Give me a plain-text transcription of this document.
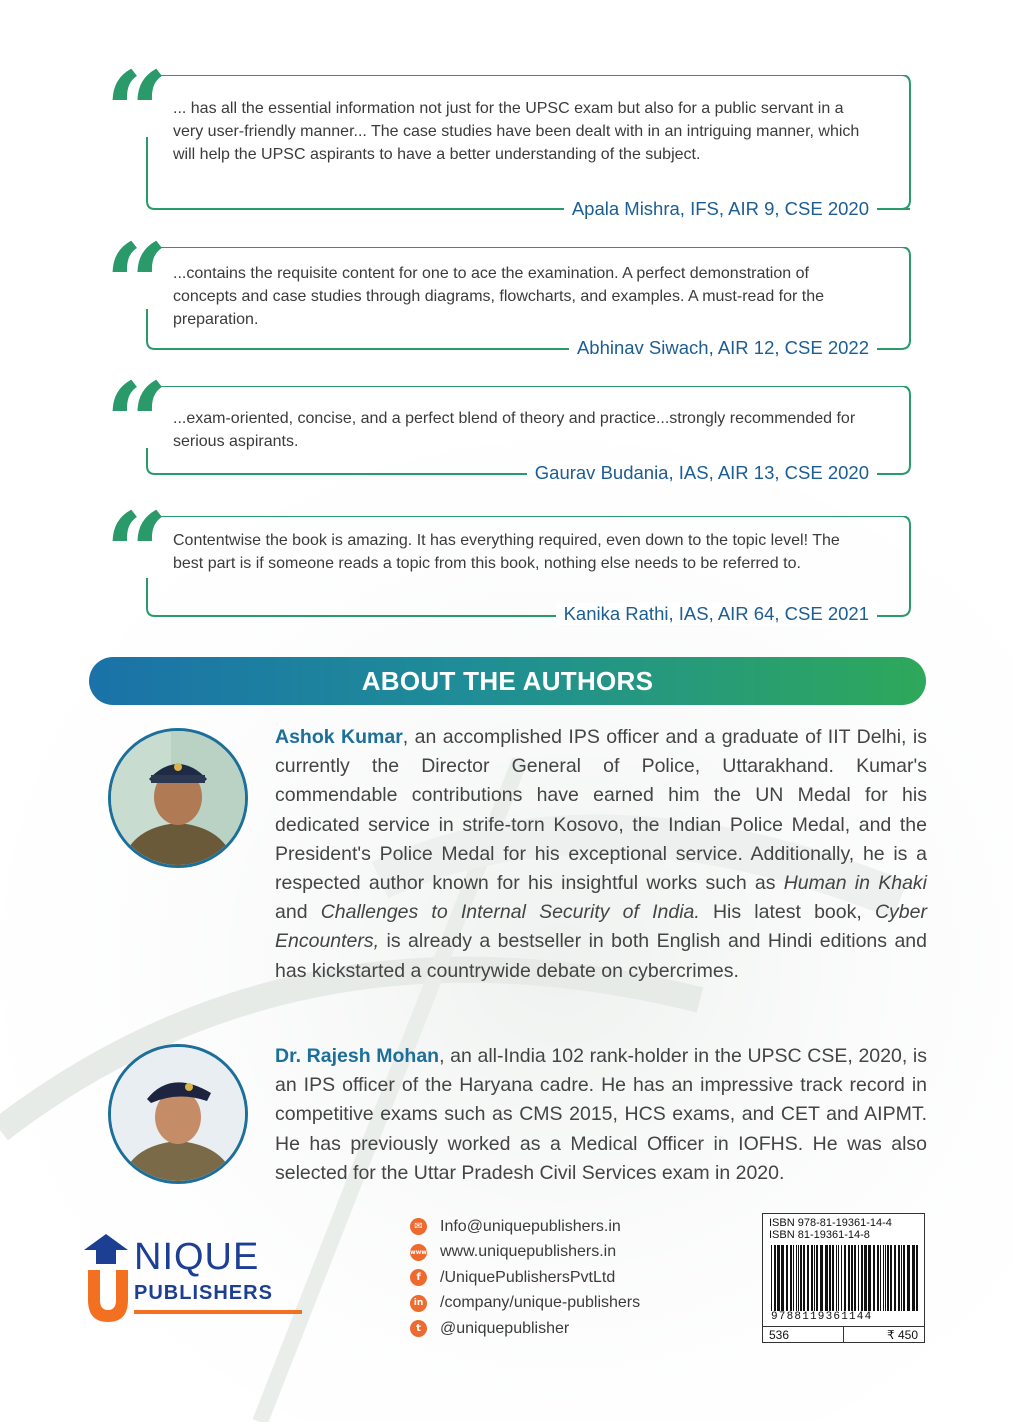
“ ... has all the essential information not just for the UPSC exam but also for a public servant in a very user-friendly manner... The case studies have been dealt with in an intriguing manner, which will help the UPSC aspirants to have a better understanding of the subject.
Apala Mishra, IFS, AIR 9, CSE 2020
“ ...contains the requisite content for one to ace the examination. A perfect demonstration of concepts and case studies through diagrams, flowcharts, and examples. A must-read for the preparation.
Abhinav Siwach, AIR 12, CSE 2022
“ ...exam-oriented, concise, and a perfect blend of theory and practice...strongly recommended for serious aspirants.
Gaurav Budania, IAS, AIR 13, CSE 2020
“ Contentwise the book is amazing. It has everything required, even down to the topic level! The best part is if someone reads a topic from this book, nothing else needs to be referred to.
Kanika Rathi, IAS, AIR 64, CSE 2021
ABOUT THE AUTHORS
Ashok Kumar, an accomplished IPS officer and a graduate of IIT Delhi, is currently the Director General of Police, Uttarakhand. Kumar's commendable contributions have earned him the UN Medal for his dedicated service in strife-torn Kosovo, the Indian Police Medal, and the President's Police Medal for his exceptional service. Additionally, he is a respected author known for his insightful works such as Human in Khaki and Challenges to Internal Security of India. His latest book, Cyber Encounters, is already a bestseller in both English and Hindi editions and has kickstarted a countrywide debate on cybercrimes.
Dr. Rajesh Mohan, an all-India 102 rank-holder in the UPSC CSE, 2020, is an IPS officer of the Haryana cadre. He has an impressive track record in competitive exams such as CMS 2015, HCS exams, and CET and AIPMT. He has previously worked as a Medical Officer in IOFHS. He was also selected for the Uttar Pradesh Civil Services exam in 2020.
U
NIQUE
PUBLISHERS
✉ Info@uniquepublishers.in
www www.uniquepublishers.in
f	/UniquePublishersPvtLtd
in /company/unique-publishers
t	@uniquepublisher
ISBN 978-81-19361-14-4
ISBN 81-19361-14-8
9788119361144
536	₹ 450
